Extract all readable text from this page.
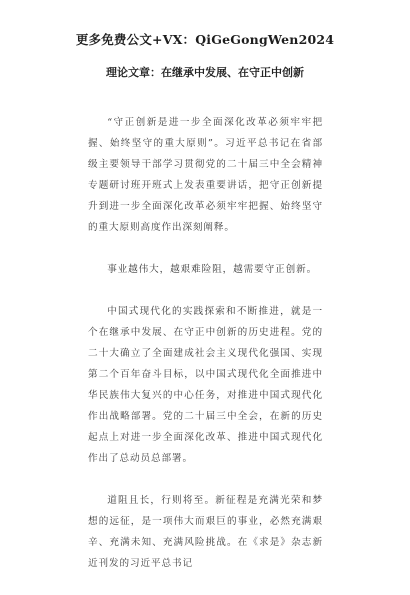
更多免费公文+VX：QiGeGongWen2024
理论文章：在继承中发展、在守正中创新

“守正创新是进一步全面深化改革必须牢牢把握、始终坚守的重大原则”。习近平总书记在省部级主要领导干部学习贯彻党的二十届三中全会精神专题研讨班开班式上发表重要讲话，把守正创新提升到进一步全面深化改革必须牢牢把握、始终坚守的重大原则高度作出深刻阐释。

事业越伟大，越艰难险阻，越需要守正创新。

中国式现代化的实践探索和不断推进，就是一个在继承中发展、在守正中创新的历史进程。党的二十大确立了全面建成社会主义现代化强国、实现第二个百年奋斗目标，以中国式现代化全面推进中华民族伟大复兴的中心任务，对推进中国式现代化作出战略部署。党的二十届三中全会，在新的历史起点上对进一步全面深化改革、推进中国式现代化作出了总动员总部署。

道阻且长，行则将至。新征程是充满光荣和梦想的远征，是一项伟大而艰巨的事业，必然充满艰辛、充满未知、充满风险挑战。在《求是》杂志新近刊发的习近平总书记
